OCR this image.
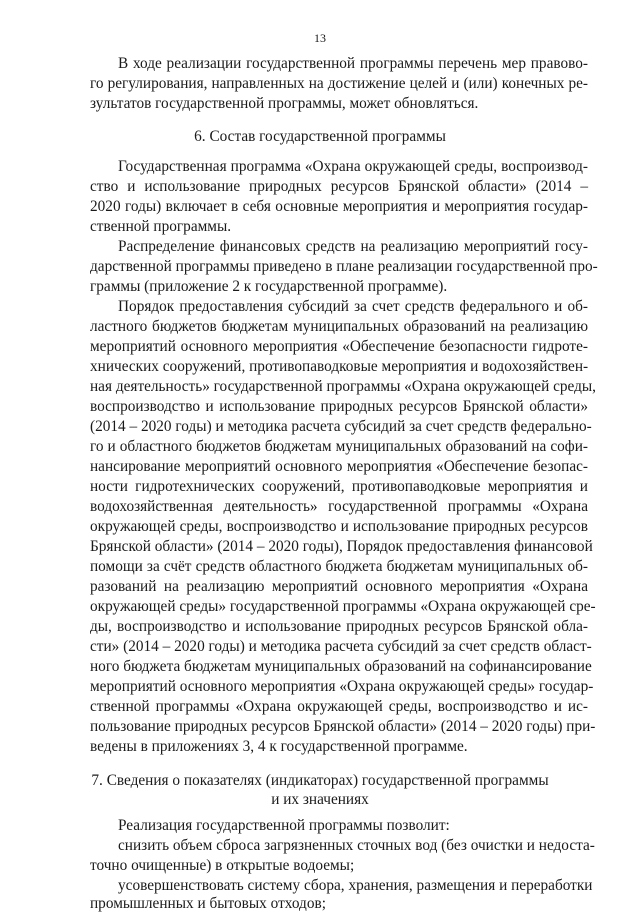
13
В ходе реализации государственной программы перечень мер правово-
го регулирования, направленных на достижение целей и (или) конечных ре-
зультатов государственной программы, может обновляться.
6. Состав государственной программы
Государственная программа «Охрана окружающей среды, воспроизвод-
ство и использование природных ресурсов Брянской области» (2014 –
2020 годы) включает в себя основные мероприятия и мероприятия государ-
ственной программы.
Распределение финансовых средств на реализацию мероприятий госу-
дарственной программы приведено в плане реализации государственной про-
граммы (приложение 2 к государственной программе).
Порядок предоставления субсидий за счет средств федерального и об-
ластного бюджетов бюджетам муниципальных образований на реализацию
мероприятий основного мероприятия «Обеспечение безопасности гидроте-
хнических сооружений, противопаводковые мероприятия и водохозяйствен-
ная деятельность» государственной программы «Охрана окружающей среды,
воспроизводство и использование природных ресурсов Брянской области»
(2014 – 2020 годы) и методика расчета субсидий за счет средств федерально-
го и областного бюджетов бюджетам муниципальных образований на софи-
нансирование мероприятий основного мероприятия «Обеспечение безопас-
ности гидротехнических сооружений, противопаводковые мероприятия и
водохозяйственная деятельность» государственной программы «Охрана
окружающей среды, воспроизводство и использование природных ресурсов
Брянской области» (2014 – 2020 годы), Порядок предоставления финансовой
помощи за счёт средств областного бюджета бюджетам муниципальных об-
разований на реализацию мероприятий основного мероприятия «Охрана
окружающей среды» государственной программы «Охрана окружающей сре-
ды, воспроизводство и использование природных ресурсов Брянской обла-
сти» (2014 – 2020 годы) и методика расчета субсидий за счет средств област-
ного бюджета бюджетам муниципальных образований на софинансирование
мероприятий основного мероприятия «Охрана окружающей среды» государ-
ственной программы «Охрана окружающей среды, воспроизводство и ис-
пользование природных ресурсов Брянской области» (2014 – 2020 годы) при-
ведены в приложениях 3, 4 к государственной программе.
7. Сведения о показателях (индикаторах) государственной программы
и их значениях
Реализация государственной программы позволит:
снизить объем сброса загрязненных сточных вод (без очистки и недоста-
точно очищенные) в открытые водоемы;
усовершенствовать систему сбора, хранения, размещения и переработки
промышленных и бытовых отходов;
